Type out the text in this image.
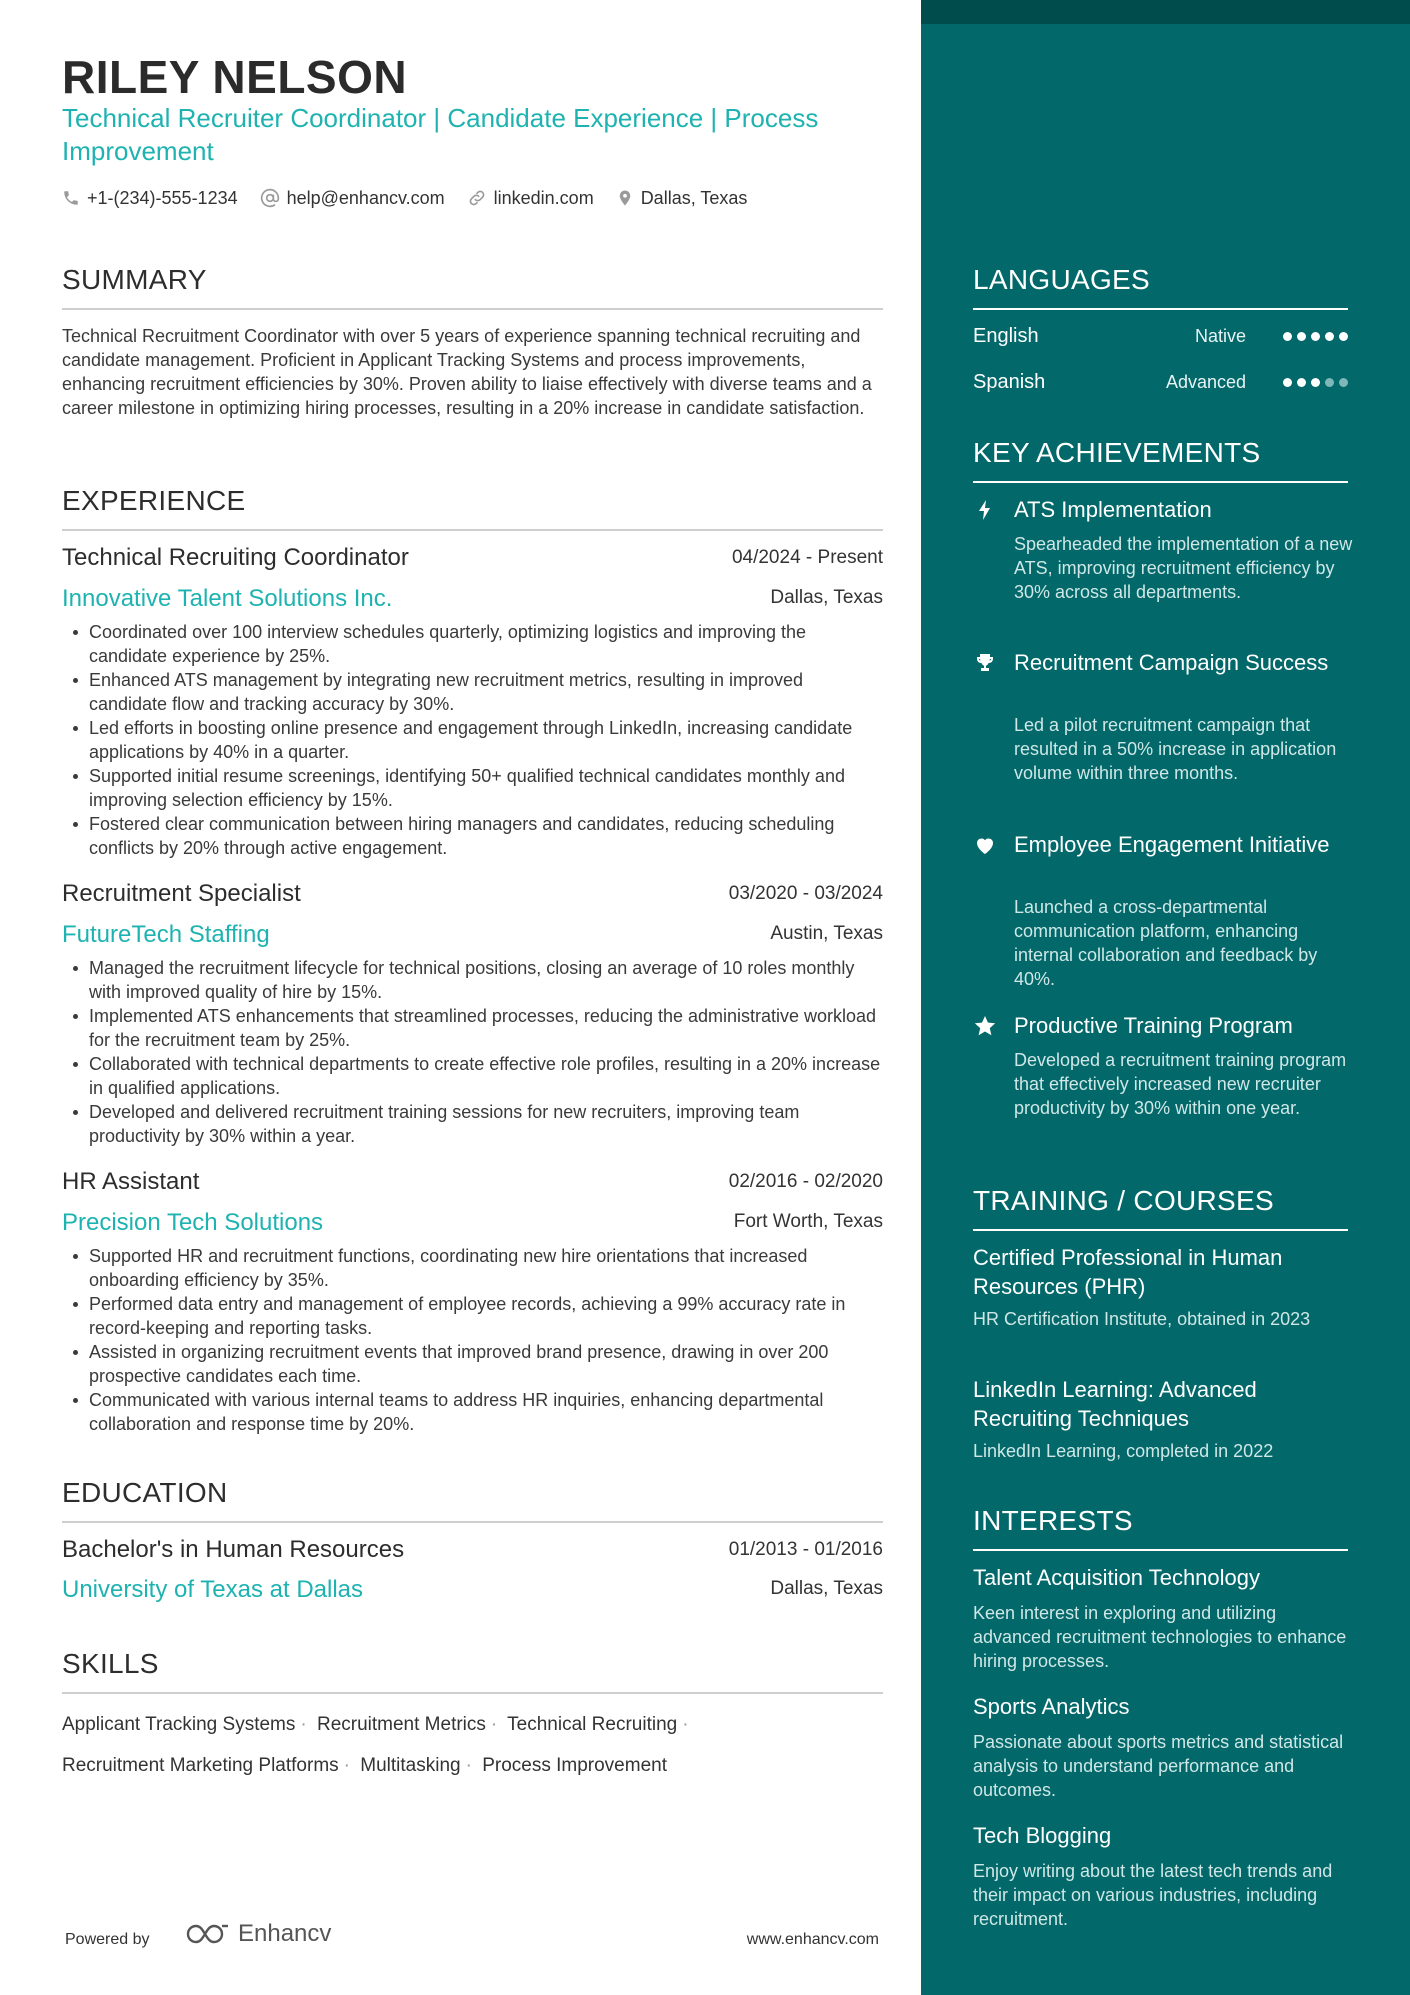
RILEY NELSON
Technical Recruiter Coordinator | Candidate Experience | Process Improvement
+1-(234)-555-1234	help@enhancv.com	linkedin.com	Dallas, Texas
SUMMARY
Technical Recruitment Coordinator with over 5 years of experience spanning technical recruiting and candidate management. Proficient in Applicant Tracking Systems and process improvements, enhancing recruitment efficiencies by 30%. Proven ability to liaise effectively with diverse teams and a career milestone in optimizing hiring processes, resulting in a 20% increase in candidate satisfaction.
EXPERIENCE
Technical Recruiting Coordinator	04/2024 - Present
Innovative Talent Solutions Inc.	Dallas, Texas
Coordinated over 100 interview schedules quarterly, optimizing logistics and improving the candidate experience by 25%.
Enhanced ATS management by integrating new recruitment metrics, resulting in improved candidate flow and tracking accuracy by 30%.
Led efforts in boosting online presence and engagement through LinkedIn, increasing candidate applications by 40% in a quarter.
Supported initial resume screenings, identifying 50+ qualified technical candidates monthly and improving selection efficiency by 15%.
Fostered clear communication between hiring managers and candidates, reducing scheduling conflicts by 20% through active engagement.
Recruitment Specialist	03/2020 - 03/2024
FutureTech Staffing	Austin, Texas
Managed the recruitment lifecycle for technical positions, closing an average of 10 roles monthly with improved quality of hire by 15%.
Implemented ATS enhancements that streamlined processes, reducing the administrative workload for the recruitment team by 25%.
Collaborated with technical departments to create effective role profiles, resulting in a 20% increase in qualified applications.
Developed and delivered recruitment training sessions for new recruiters, improving team productivity by 30% within a year.
HR Assistant	02/2016 - 02/2020
Precision Tech Solutions	Fort Worth, Texas
Supported HR and recruitment functions, coordinating new hire orientations that increased onboarding efficiency by 35%.
Performed data entry and management of employee records, achieving a 99% accuracy rate in record-keeping and reporting tasks.
Assisted in organizing recruitment events that improved brand presence, drawing in over 200 prospective candidates each time.
Communicated with various internal teams to address HR inquiries, enhancing departmental collaboration and response time by 20%.
EDUCATION
Bachelor's in Human Resources	01/2013 - 01/2016
University of Texas at Dallas	Dallas, Texas
SKILLS
Applicant Tracking Systems · Recruitment Metrics · Technical Recruiting ·
Recruitment Marketing Platforms · Multitasking · Process Improvement
Powered by	Enhancv	www.enhancv.com
LANGUAGES
English	Native
Spanish	Advanced
KEY ACHIEVEMENTS
ATS Implementation
Spearheaded the implementation of a new ATS, improving recruitment efficiency by 30% across all departments.
Recruitment Campaign Success
Led a pilot recruitment campaign that resulted in a 50% increase in application volume within three months.
Employee Engagement Initiative
Launched a cross-departmental communication platform, enhancing internal collaboration and feedback by 40%.
Productive Training Program
Developed a recruitment training program that effectively increased new recruiter productivity by 30% within one year.
TRAINING / COURSES
Certified Professional in Human Resources (PHR)
HR Certification Institute, obtained in 2023
LinkedIn Learning: Advanced Recruiting Techniques
LinkedIn Learning, completed in 2022
INTERESTS
Talent Acquisition Technology
Keen interest in exploring and utilizing advanced recruitment technologies to enhance hiring processes.
Sports Analytics
Passionate about sports metrics and statistical analysis to understand performance and outcomes.
Tech Blogging
Enjoy writing about the latest tech trends and their impact on various industries, including recruitment.
